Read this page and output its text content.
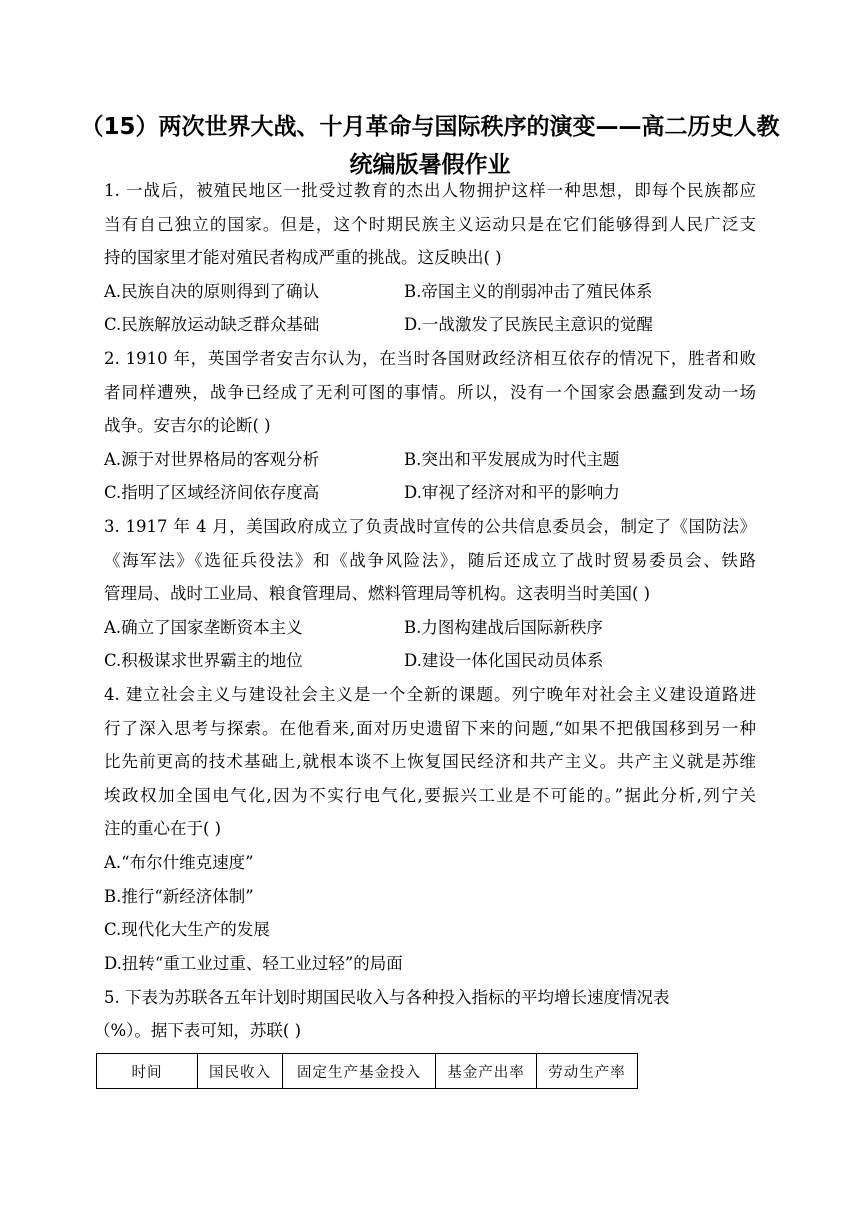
（15）两次世界大战、十月革命与国际秩序的演变——高二历史人教
统编版暑假作业
1. 一战后，被殖民地区一批受过教育的杰出人物拥护这样一种思想，即每个民族都应
当有自己独立的国家。但是，这个时期民族主义运动只是在它们能够得到人民广泛支
持的国家里才能对殖民者构成严重的挑战。这反映出( )
A.民族自决的原则得到了确认	B.帝国主义的削弱冲击了殖民体系
C.民族解放运动缺乏群众基础	D.一战激发了民族民主意识的觉醒
2. 1910 年，英国学者安吉尔认为，在当时各国财政经济相互依存的情况下，胜者和败
者同样遭殃，战争已经成了无利可图的事情。所以，没有一个国家会愚蠢到发动一场
战争。安吉尔的论断( )
A.源于对世界格局的客观分析	B.突出和平发展成为时代主题
C.指明了区域经济间依存度高	D.审视了经济对和平的影响力
3. 1917 年 4 月，美国政府成立了负责战时宣传的公共信息委员会，制定了《国防法》
《海军法》《选征兵役法》和《战争风险法》，随后还成立了战时贸易委员会、铁路
管理局、战时工业局、粮食管理局、燃料管理局等机构。这表明当时美国( )
A.确立了国家垄断资本主义	B.力图构建战后国际新秩序
C.积极谋求世界霸主的地位	D.建设一体化国民动员体系
4. 建立社会主义与建设社会主义是一个全新的课题。列宁晚年对社会主义建设道路进
行了深入思考与探索。在他看来,面对历史遗留下来的问题,“如果不把俄国移到另一种
比先前更高的技术基础上,就根本谈不上恢复国民经济和共产主义。共产主义就是苏维
埃政权加全国电气化,因为不实行电气化,要振兴工业是不可能的。”据此分析,列宁关
注的重心在于( )
A.“布尔什维克速度”
B.推行“新经济体制”
C.现代化大生产的发展
D.扭转“重工业过重、轻工业过轻”的局面
5. 下表为苏联各五年计划时期国民收入与各种投入指标的平均增长速度情况表
（%）。据下表可知，苏联( )
时间	国民收入	固定生产基金投入	基金产出率	劳动生产率
